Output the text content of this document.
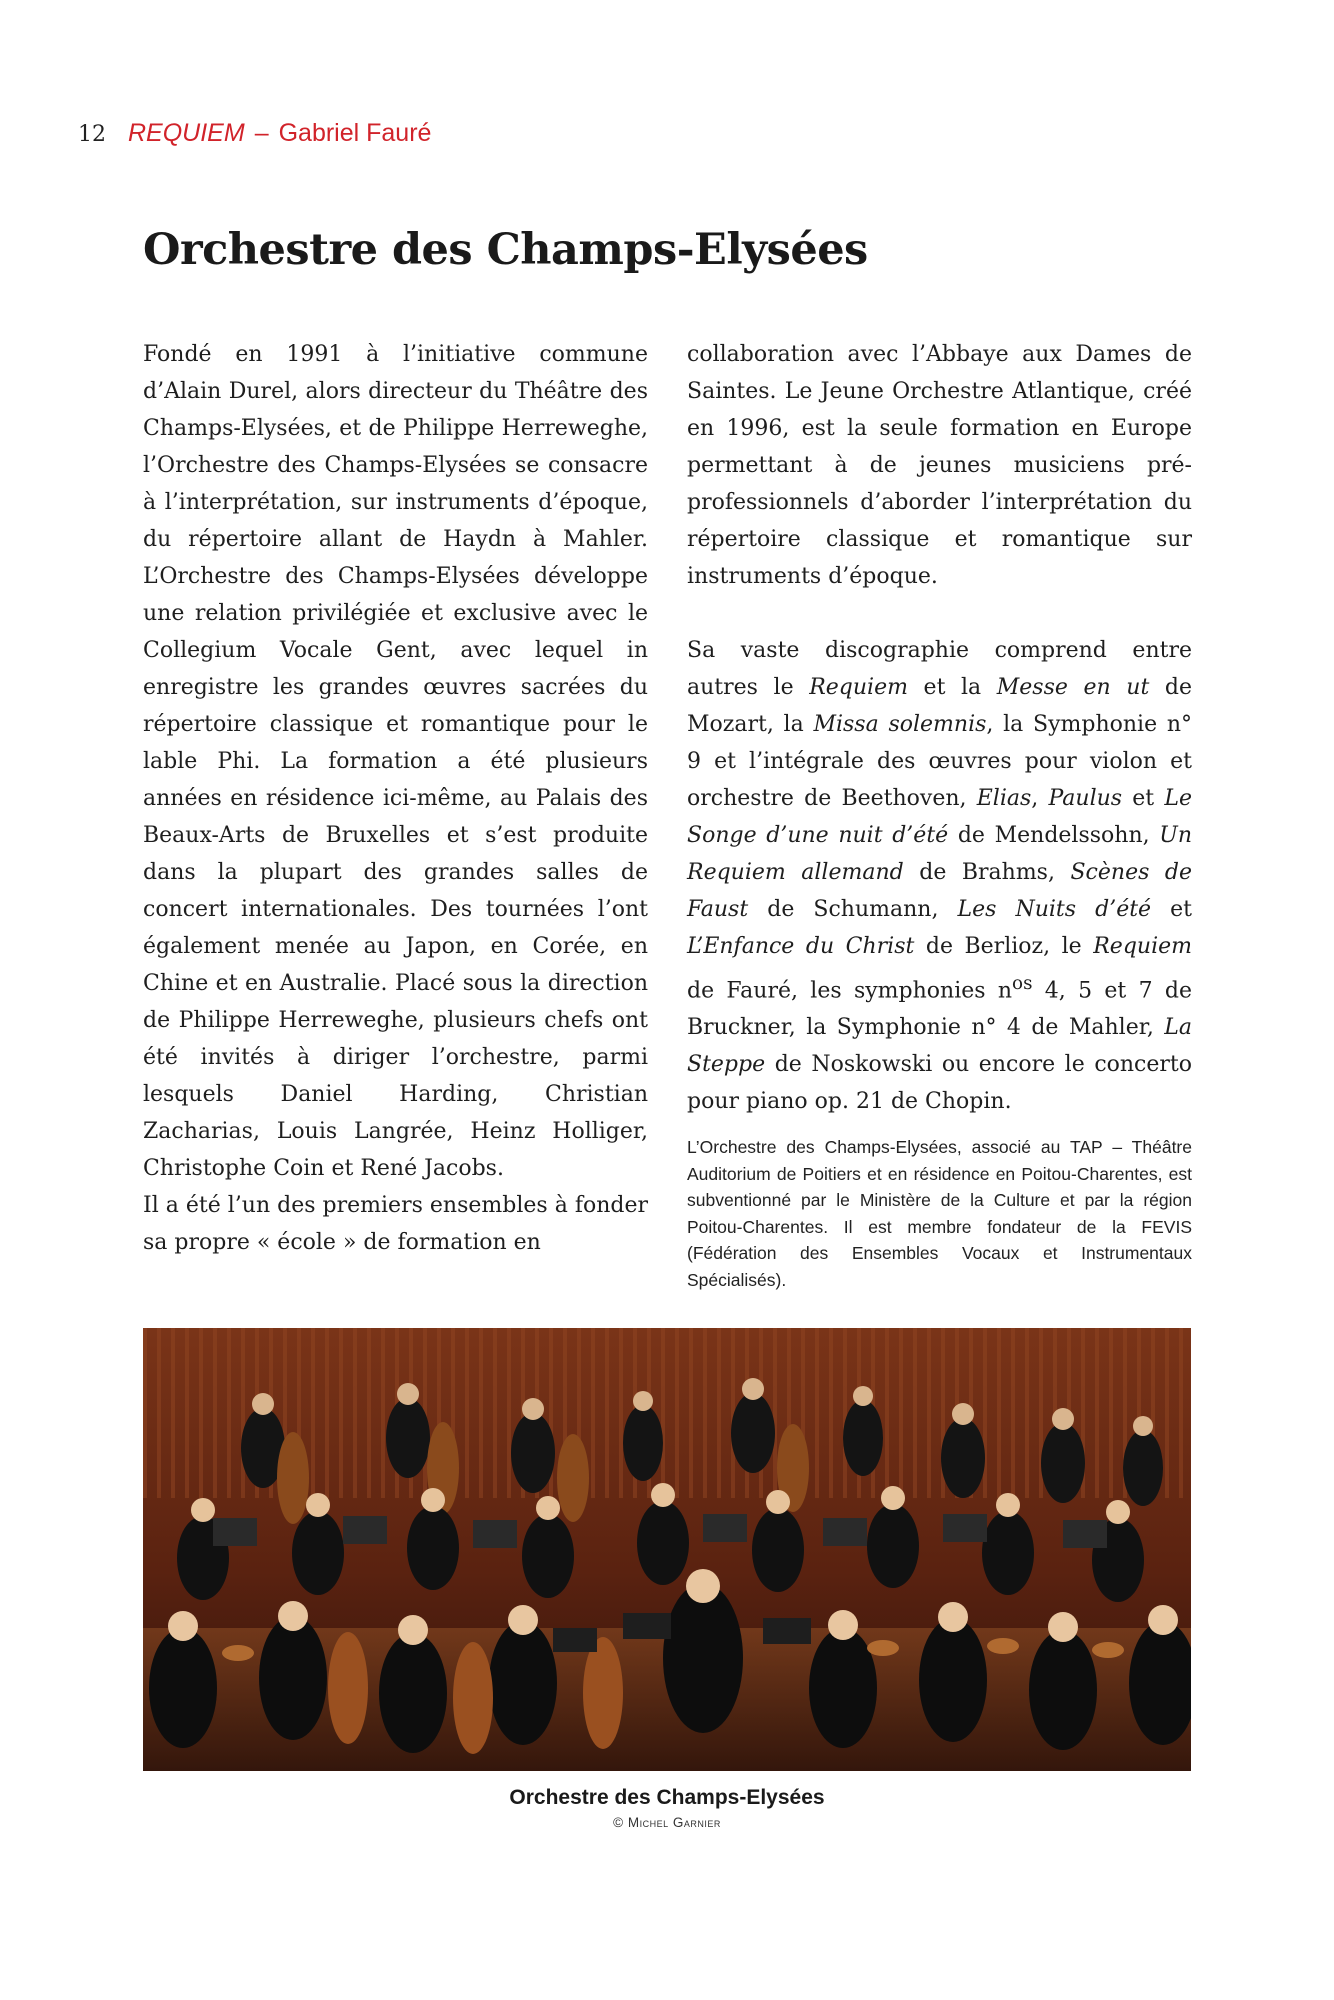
12 REQUIEM – Gabriel Fauré
Orchestre des Champs-Elysées

Fondé en 1991 à l’initiative commune d’Alain Durel, alors directeur du Théâtre des Champs-Elysées, et de Philippe Herreweghe, l’Orchestre des Champs-Elysées se consacre à l’interprétation, sur instruments d’époque, du répertoire allant de Haydn à Mahler. L’Orchestre des Champs-Elysées développe une relation privilégiée et exclusive avec le Collegium Vocale Gent, avec lequel in enregistre les grandes œuvres sacrées du répertoire classique et romantique pour le lable Phi. La formation a été plusieurs années en résidence ici-même, au Palais des Beaux-Arts de Bruxelles et s’est produite dans la plupart des grandes salles de concert internationales. Des tournées l’ont également menée au Japon, en Corée, en Chine et en Australie. Placé sous la direction de Philippe Herreweghe, plusieurs chefs ont été invités à diriger l’orchestre, parmi lesquels Daniel Harding, Christian Zacharias, Louis Langrée, Heinz Holliger, Christophe Coin et René Jacobs.

Il a été l’un des premiers ensembles à fonder sa propre « école » de formation en

collaboration avec l’Abbaye aux Dames de Saintes. Le Jeune Orchestre Atlantique, créé en 1996, est la seule formation en Europe permettant à de jeunes musiciens pré-professionnels d’aborder l’interprétation du répertoire classique et romantique sur instruments d’époque.

Sa vaste discographie comprend entre autres le Requiem et la Messe en ut de Mozart, la Missa solemnis, la Symphonie n° 9 et l’intégrale des œuvres pour violon et orchestre de Beethoven, Elias, Paulus et Le Songe d’une nuit d’été de Mendelssohn, Un Requiem allemand de Brahms, Scènes de Faust de Schumann, Les Nuits d’été et L’Enfance du Christ de Berlioz, le Requiem de Fauré, les symphonies $n^{os}$ 4, 5 et 7 de Bruckner, la Symphonie n° 4 de Mahler, La Steppe de Noskowski ou encore le concerto pour piano op. 21 de Chopin.

L’Orchestre des Champs-Elysées, associé au TAP – Théâtre Auditorium de Poitiers et en résidence en Poitou-Charentes, est subventionné par le Ministère de la Culture et par la région Poitou-Charentes. Il est membre fondateur de la FEVIS (Fédération des Ensembles Vocaux et Instrumentaux Spécialisés).
Orchestre des Champs-Elysées
© Michel Garnier
